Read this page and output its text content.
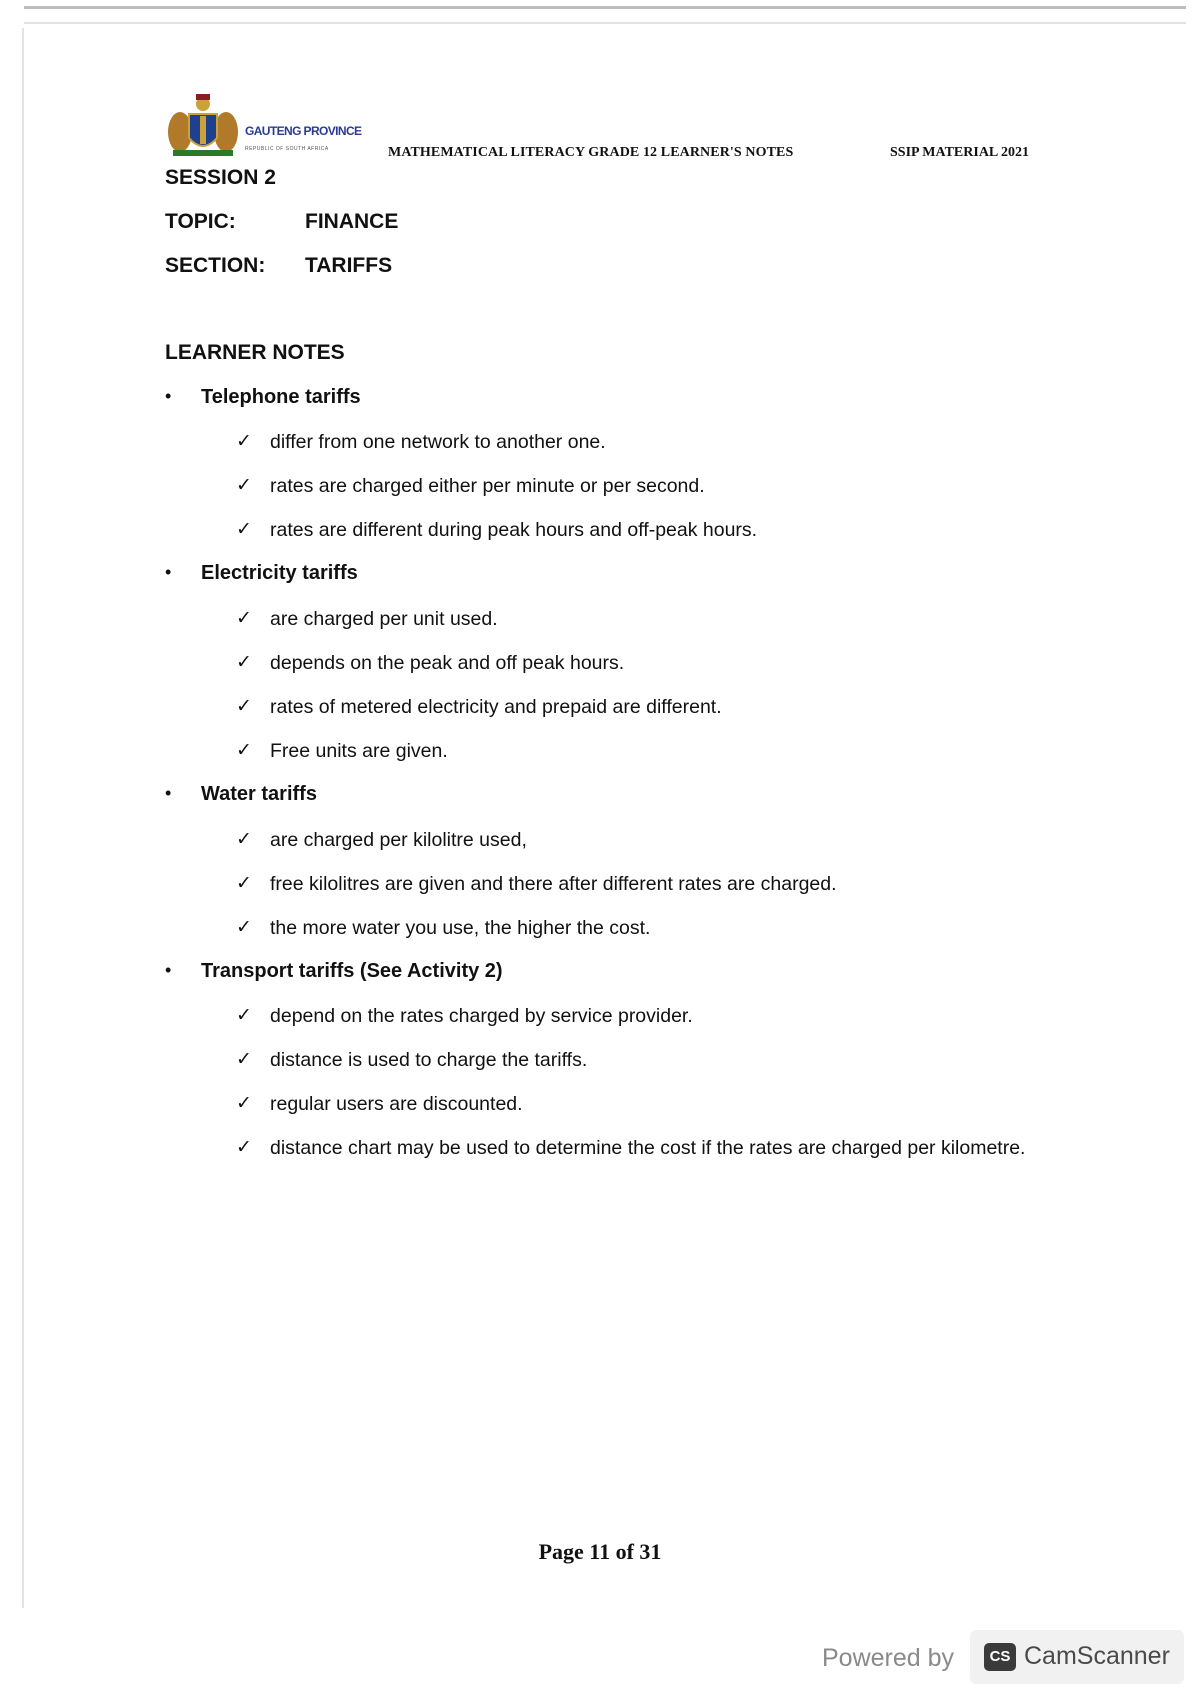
GAUTENG PROVINCE
REPUBLIC OF SOUTH AFRICA	MATHEMATICAL LITERACY GRADE 12 LEARNER'S NOTES	SSIP MATERIAL 2021
SESSION 2
TOPIC:	FINANCE
SECTION: TARIFFS
LEARNER NOTES
• Telephone tariffs
✓ differ from one network to another one.
✓ rates are charged either per minute or per second.
✓ rates are different during peak hours and off-peak hours.
• Electricity tariffs
✓ are charged per unit used.
✓ depends on the peak and off peak hours.
✓ rates of metered electricity and prepaid are different.
✓ Free units are given.
• Water tariffs
✓ are charged per kilolitre used,
✓ free kilolitres are given and there after different rates are charged.
✓ the more water you use, the higher the cost.
• Transport tariffs (See Activity 2)
✓ depend on the rates charged by service provider.
✓ distance is used to charge the tariffs.
✓ regular users are discounted.
✓ distance chart may be used to determine the cost if the rates are charged per kilometre.
Page 11 of 31
Powered by	CS CamScanner
